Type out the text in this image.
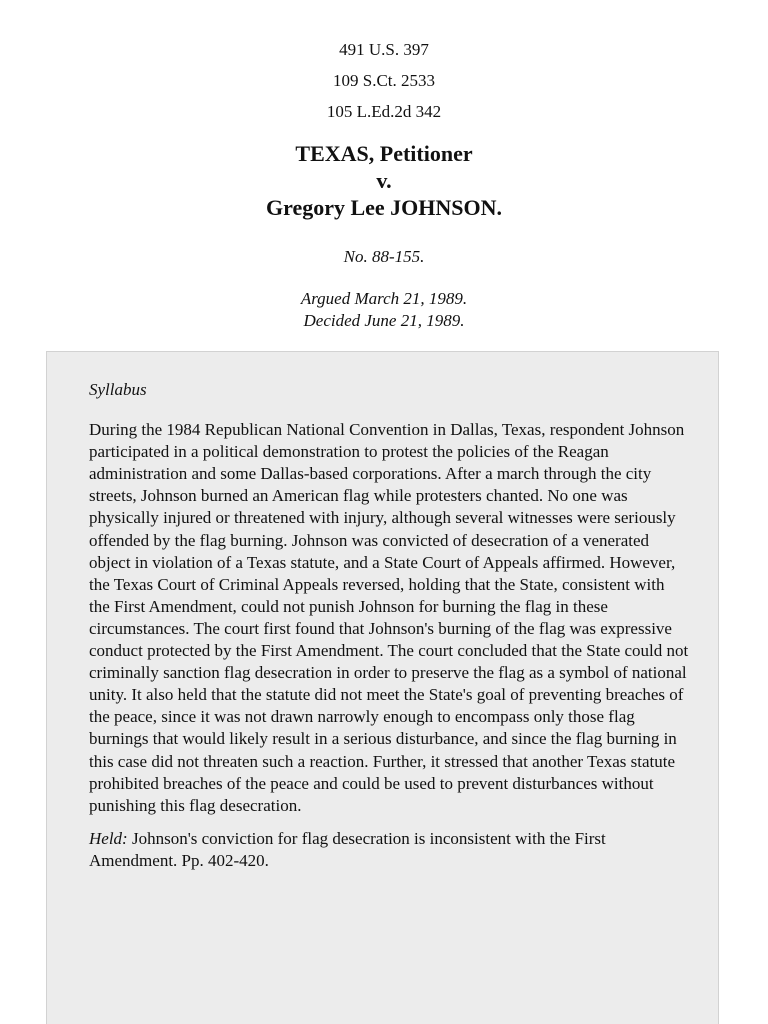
491 U.S. 397
109 S.Ct. 2533
105 L.Ed.2d 342
TEXAS, Petitioner
v.
Gregory Lee JOHNSON.
No. 88-155.
Argued March 21, 1989.
Decided June 21, 1989.

Syllabus

During the 1984 Republican National Convention in Dallas, Texas, respondent Johnson participated in a political demonstration to protest the policies of the Reagan administration and some Dallas-based corporations. After a march through the city streets, Johnson burned an American flag while protesters chanted. No one was physically injured or threatened with injury, although several witnesses were seriously offended by the flag burning. Johnson was convicted of desecration of a venerated object in violation of a Texas statute, and a State Court of Appeals affirmed. However, the Texas Court of Criminal Appeals reversed, holding that the State, consistent with the First Amendment, could not punish Johnson for burning the flag in these circumstances. The court first found that Johnson's burning of the flag was expressive conduct protected by the First Amendment. The court concluded that the State could not criminally sanction flag desecration in order to preserve the flag as a symbol of national unity. It also held that the statute did not meet the State's goal of preventing breaches of the peace, since it was not drawn narrowly enough to encompass only those flag burnings that would likely result in a serious disturbance, and since the flag burning in this case did not threaten such a reaction. Further, it stressed that another Texas statute prohibited breaches of the peace and could be used to prevent disturbances without punishing this flag desecration.

Held: Johnson's conviction for flag desecration is inconsistent with the First Amendment. Pp. 402-420.
